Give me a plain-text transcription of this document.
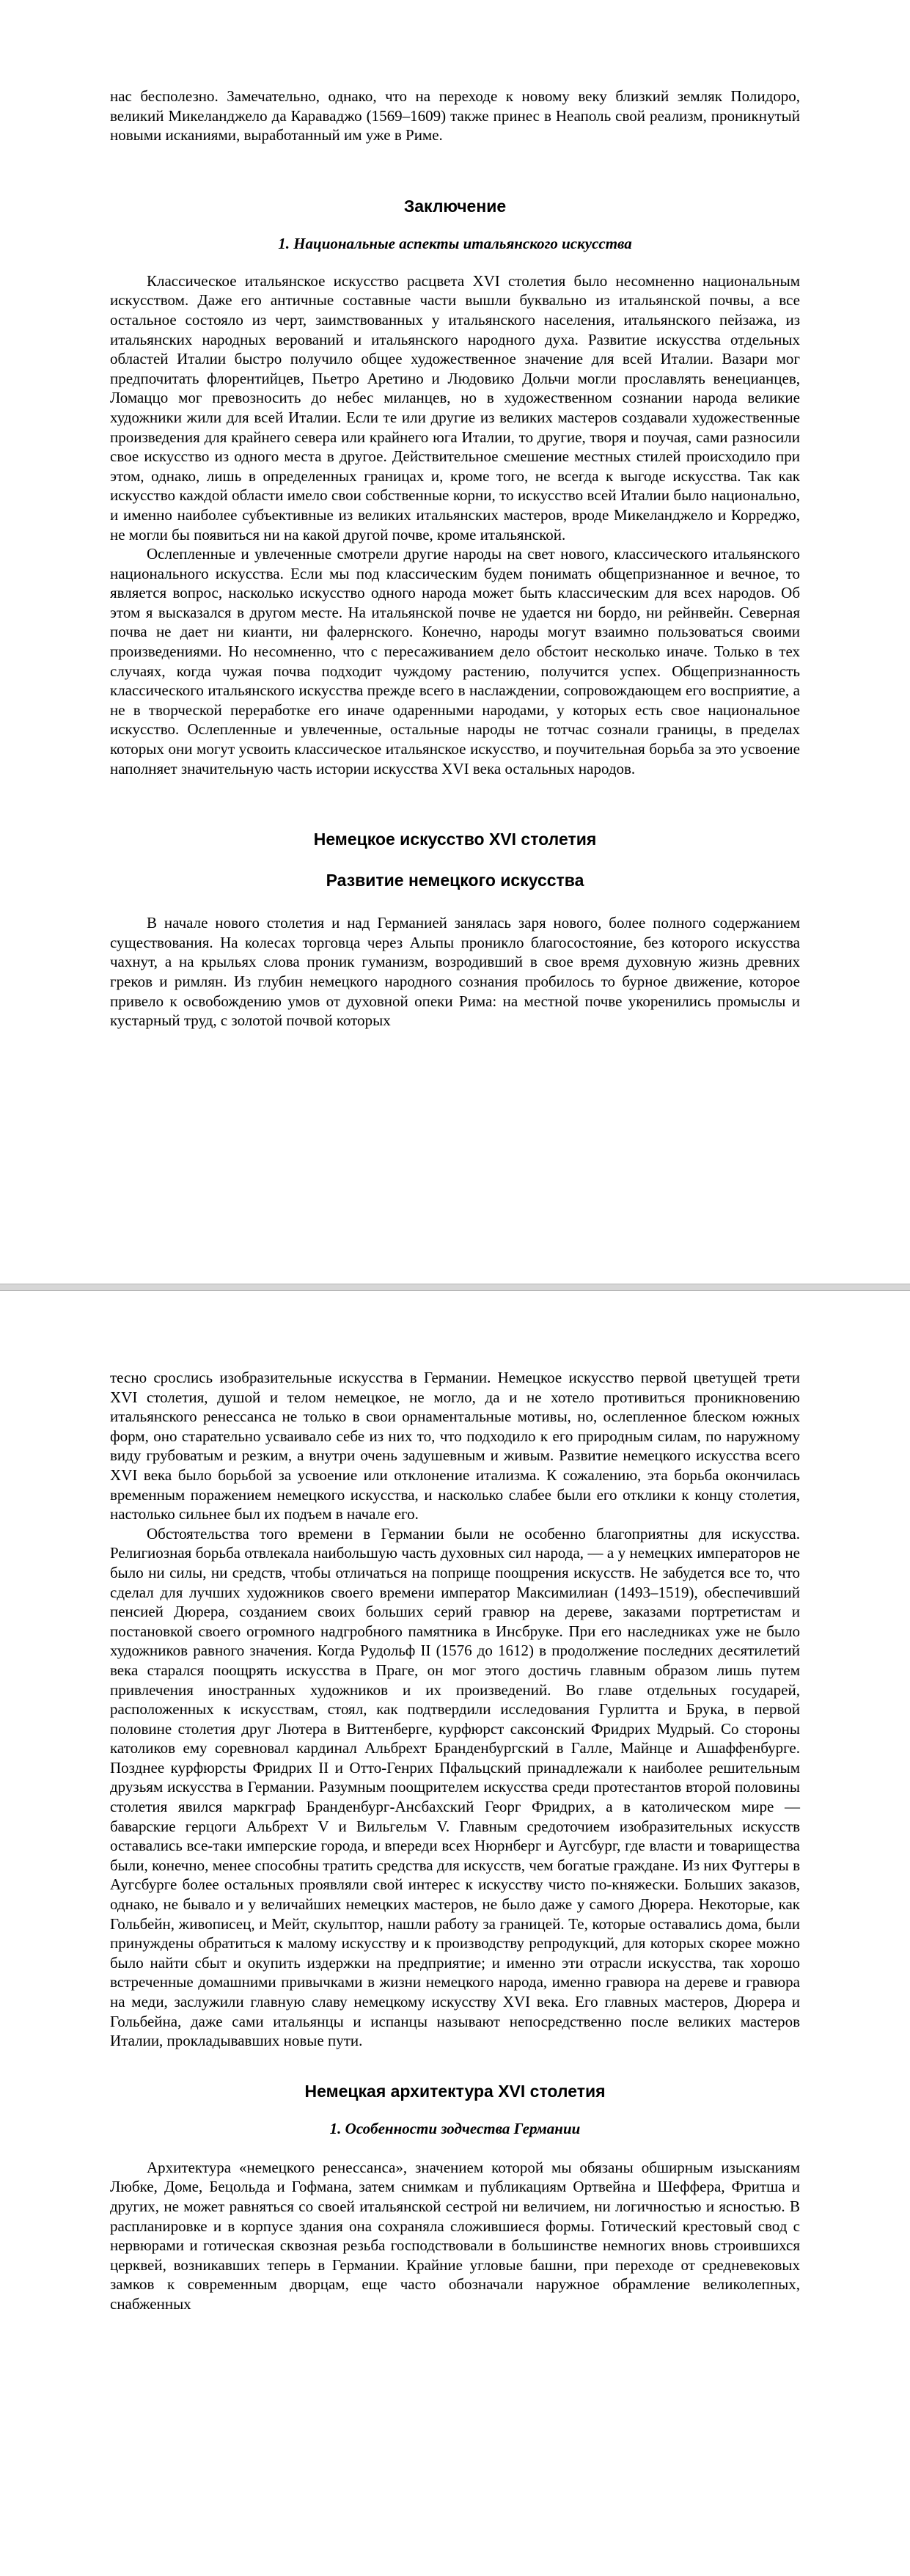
нас бесполезно. Замечательно, однако, что на переходе к новому веку близкий земляк Полидоро, великий Микеланджело да Караваджо (1569–1609) также принес в Неаполь свой реализм, проникнутый новыми исканиями, выработанный им уже в Риме.

Заключение
1. Национальные аспекты итальянского искусства

Классическое итальянское искусство расцвета XVI столетия было несомненно национальным искусством. Даже его античные составные части вышли буквально из итальянской почвы, а все остальное состояло из черт, заимствованных у итальянского населения, итальянского пейзажа, из итальянских народных верований и итальянского народного духа. Развитие искусства отдельных областей Италии быстро получило общее художественное значение для всей Италии. Вазари мог предпочитать флорентийцев, Пьетро Аретино и Людовико Дольчи могли прославлять венецианцев, Ломаццо мог превозносить до небес миланцев, но в художественном сознании народа великие художники жили для всей Италии. Если те или другие из великих мастеров создавали художественные произведения для крайнего севера или крайнего юга Италии, то другие, творя и поучая, сами разносили свое искусство из одного места в другое. Действительное смешение местных стилей происходило при этом, однако, лишь в определенных границах и, кроме того, не всегда к выгоде искусства. Так как искусство каждой области имело свои собственные корни, то искусство всей Италии было национально, и именно наиболее субъективные из великих итальянских мастеров, вроде Микеланджело и Корреджо, не могли бы появиться ни на какой другой почве, кроме итальянской.

Ослепленные и увлеченные смотрели другие народы на свет нового, классического итальянского национального искусства. Если мы под классическим будем понимать общепризнанное и вечное, то является вопрос, насколько искусство одного народа может быть классическим для всех народов. Об этом я высказался в другом месте. На итальянской почве не удается ни бордо, ни рейнвейн. Северная почва не дает ни кианти, ни фалернского. Конечно, народы могут взаимно пользоваться своими произведениями. Но несомненно, что с пересаживанием дело обстоит несколько иначе. Только в тех случаях, когда чужая почва подходит чуждому растению, получится успех. Общепризнанность классического итальянского искусства прежде всего в наслаждении, сопровождающем его восприятие, а не в творческой переработке его иначе одаренными народами, у которых есть свое национальное искусство. Ослепленные и увлеченные, остальные народы не тотчас сознали границы, в пределах которых они могут усвоить классическое итальянское искусство, и поучительная борьба за это усвоение наполняет значительную часть истории искусства XVI века остальных народов.

Немецкое искусство XVI столетия
Развитие немецкого искусства

В начале нового столетия и над Германией занялась заря нового, более полного содержанием существования. На колесах торговца через Альпы проникло благосостояние, без которого искусства чахнут, а на крыльях слова проник гуманизм, возродивший в свое время духовную жизнь древних греков и римлян. Из глубин немецкого народного сознания пробилось то бурное движение, которое привело к освобождению умов от духовной опеки Рима: на местной почве укоренились промыслы и кустарный труд, с золотой почвой которых

тесно срослись изобразительные искусства в Германии. Немецкое искусство первой цветущей трети XVI столетия, душой и телом немецкое, не могло, да и не хотело противиться проникновению итальянского ренессанса не только в свои орнаментальные мотивы, но, ослепленное блеском южных форм, оно старательно усваивало себе из них то, что подходило к его природным силам, по наружному виду грубоватым и резким, а внутри очень задушевным и живым. Развитие немецкого искусства всего XVI века было борьбой за усвоение или отклонение итализма. К сожалению, эта борьба окончилась временным поражением немецкого искусства, и насколько слабее были его отклики к концу столетия, настолько сильнее был их подъем в начале его.

Обстоятельства того времени в Германии были не особенно благоприятны для искусства. Религиозная борьба отвлекала наибольшую часть духовных сил народа, — а у немецких императоров не было ни силы, ни средств, чтобы отличаться на поприще поощрения искусств. Не забудется все то, что сделал для лучших художников своего времени император Максимилиан (1493–1519), обеспечивший пенсией Дюрера, созданием своих больших серий гравюр на дереве, заказами портретистам и постановкой своего огромного надгробного памятника в Инсбруке. При его наследниках уже не было художников равного значения. Когда Рудольф II (1576 до 1612) в продолжение последних десятилетий века старался поощрять искусства в Праге, он мог этого достичь главным образом лишь путем привлечения иностранных художников и их произведений. Во главе отдельных государей, расположенных к искусствам, стоял, как подтвердили исследования Гурлитта и Брука, в первой половине столетия друг Лютера в Виттенберге, курфюрст саксонский Фридрих Мудрый. Со стороны католиков ему соревновал кардинал Альбрехт Бранденбургский в Галле, Майнце и Ашаффенбурге. Позднее курфюрсты Фридрих II и Отто-Генрих Пфальцский принадлежали к наиболее решительным друзьям искусства в Германии. Разумным поощрителем искусства среди протестантов второй половины столетия явился маркграф Бранденбург-Ансбахский Георг Фридрих, а в католическом мире — баварские герцоги Альбрехт V и Вильгельм V. Главным средоточием изобразительных искусств оставались все-таки имперские города, и впереди всех Нюрнберг и Аугсбург, где власти и товарищества были, конечно, менее способны тратить средства для искусств, чем богатые граждане. Из них Фуггеры в Аугсбурге более остальных проявляли свой интерес к искусству чисто по-княжески. Больших заказов, однако, не бывало и у величайших немецких мастеров, не было даже у самого Дюрера. Некоторые, как Гольбейн, живописец, и Мейт, скульптор, нашли работу за границей. Те, которые оставались дома, были принуждены обратиться к малому искусству и к производству репродукций, для которых скорее можно было найти сбыт и окупить издержки на предприятие; и именно эти отрасли искусства, так хорошо встреченные домашними привычками в жизни немецкого народа, именно гравюра на дереве и гравюра на меди, заслужили главную славу немецкому искусству XVI века. Его главных мастеров, Дюрера и Гольбейна, даже сами итальянцы и испанцы называют непосредственно после великих мастеров Италии, прокладывавших новые пути.

Немецкая архитектура XVI столетия
1. Особенности зодчества Германии

Архитектура «немецкого ренессанса», значением которой мы обязаны обширным изысканиям Любке, Доме, Бецольда и Гофмана, затем снимкам и публикациям Ортвейна и Шеффера, Фритша и других, не может равняться со своей итальянской сестрой ни величием, ни логичностью и ясностью. В распланировке и в корпусе здания она сохраняла сложившиеся формы. Готический крестовый свод с нервюрами и готическая сквозная резьба господствовали в большинстве немногих вновь строившихся церквей, возникавших теперь в Германии. Крайние угловые башни, при переходе от средневековых замков к современным дворцам, еще часто обозначали наружное обрамление великолепных, снабженных
